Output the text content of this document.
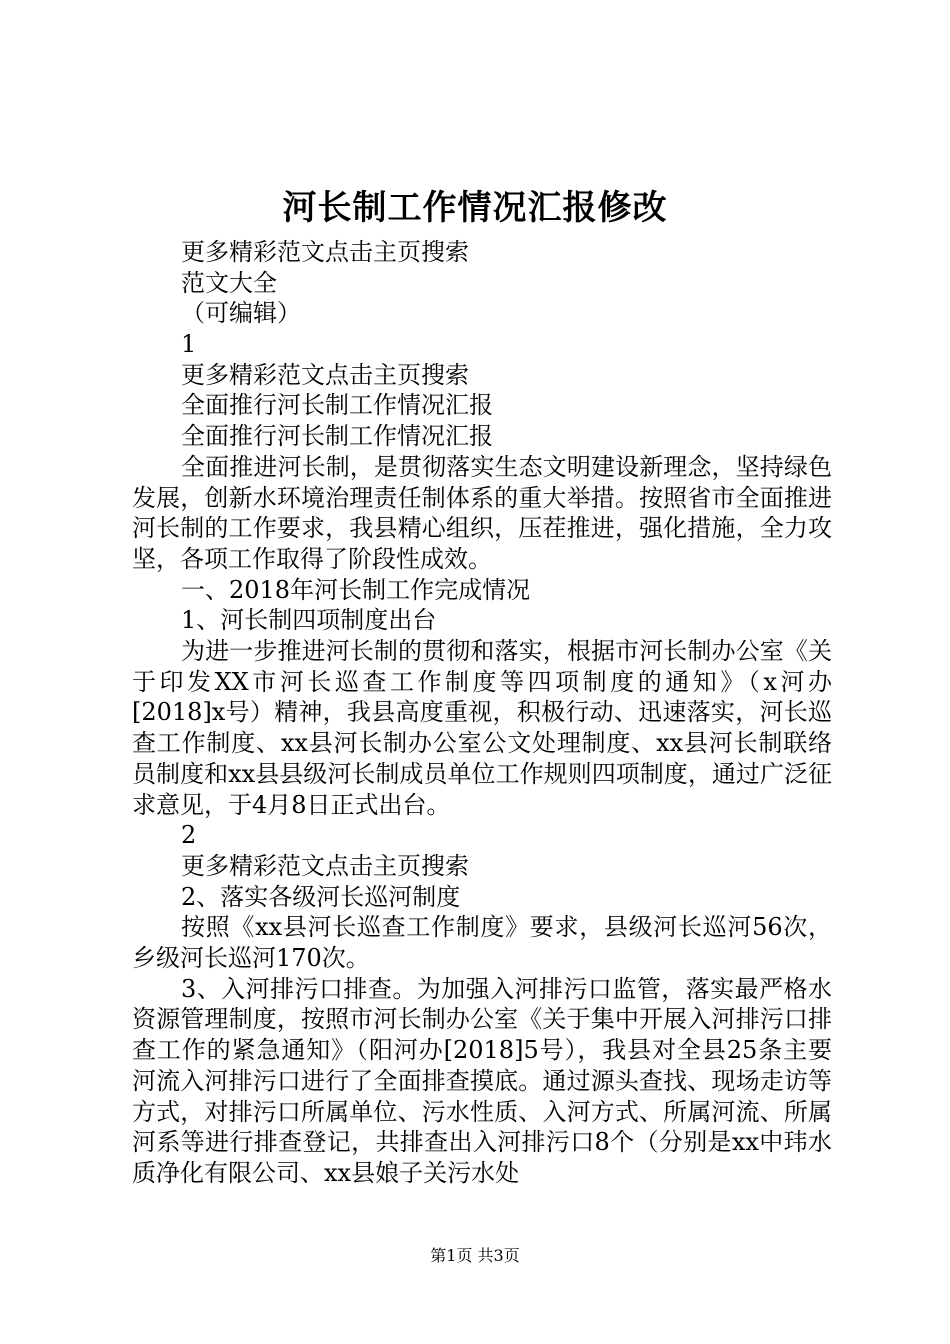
河长制工作情况汇报修改
更多精彩范文点击主页搜索
范文大全
（可编辑）
1
更多精彩范文点击主页搜索
全面推行河长制工作情况汇报
全面推行河长制工作情况汇报
全面推进河长制，是贯彻落实生态文明建设新理念，坚持绿色发展，创新水环境治理责任制体系的重大举措。按照省市全面推进河长制的工作要求，我县精心组织，压茬推进，强化措施，全力攻坚，各项工作取得了阶段性成效。
一、2018年河长制工作完成情况
1、河长制四项制度出台
为进一步推进河长制的贯彻和落实，根据市河长制办公室《关于印发XX市河长巡查工作制度等四项制度的通知》（x河办[2018]x号）精神，我县高度重视，积极行动、迅速落实，河长巡查工作制度、xx县河长制办公室公文处理制度、xx县河长制联络员制度和xx县县级河长制成员单位工作规则四项制度，通过广泛征求意见，于4月8日正式出台。
2
更多精彩范文点击主页搜索
2、落实各级河长巡河制度
按照《xx县河长巡查工作制度》要求，县级河长巡河56次，乡级河长巡河170次。
3、入河排污口排查。为加强入河排污口监管，落实最严格水资源管理制度，按照市河长制办公室《关于集中开展入河排污口排查工作的紧急通知》（阳河办[2018]5号），我县对全县25条主要河流入河排污口进行了全面排查摸底。通过源头查找、现场走访等方式，对排污口所属单位、污水性质、入河方式、所属河流、所属河系等进行排查登记，共排查出入河排污口8个（分别是xx中玮水质净化有限公司、xx县娘子关污水处
第1页 共3页
